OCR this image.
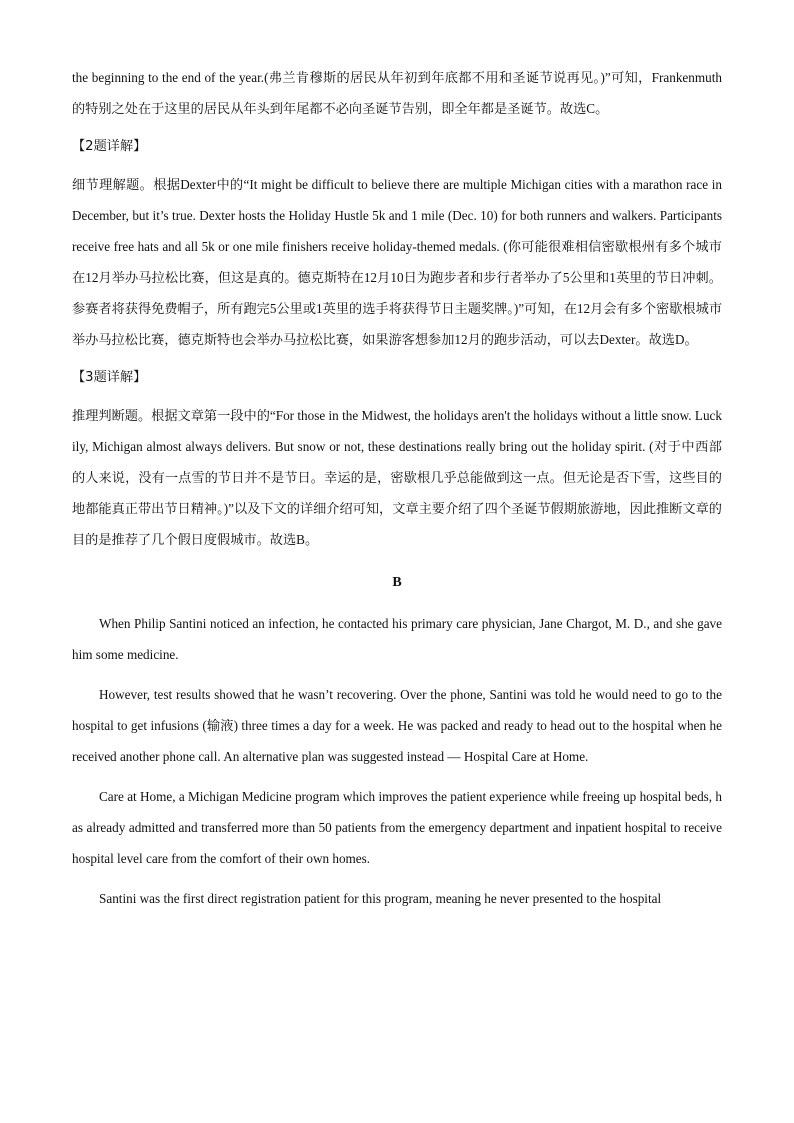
the beginning to the end of the year.(弗兰肯穆斯的居民从年初到年底都不用和圣诞节说再见。)”可知，Frankenmuth的特别之处在于这里的居民从年头到年尾都不必向圣诞节告别，即全年都是圣诞节。故选C。

【2题详解】

细节理解题。根据Dexter中的“It might be difficult to believe there are multiple Michigan cities with a marathon race in December, but it’s true. Dexter hosts the Holiday Hustle 5k and 1 mile (Dec. 10) for both runners and walkers. Participants receive free hats and all 5k or one mile finishers receive holiday-themed medals. (你可能很难相信密歇根州有多个城市在12月举办马拉松比赛，但这是真的。德克斯特在12月10日为跑步者和步行者举办了5公里和1英里的节日冲刺。参赛者将获得免费帽子，所有跑完5公里或1英里的选手将获得节日主题奖牌。)”可知，在12月会有多个密歇根城市举办马拉松比赛，德克斯特也会举办马拉松比赛，如果游客想参加12月的跑步活动，可以去Dexter。故选D。

【3题详解】

推理判断题。根据文章第一段中的“For those in the Midwest, the holidays aren't the holidays without a little snow. Luckily, Michigan almost always delivers. But snow or not, these destinations really bring out the holiday spirit. (对于中西部的人来说，没有一点雪的节日并不是节日。幸运的是，密歇根几乎总能做到这一点。但无论是否下雪，这些目的地都能真正带出节日精神。)”以及下文的详细介绍可知，文章主要介绍了四个圣诞节假期旅游地，因此推断文章的目的是推荐了几个假日度假城市。故选B。

B

When Philip Santini noticed an infection, he contacted his primary care physician, Jane Chargot, M. D., and she gave him some medicine.

However, test results showed that he wasn’t recovering. Over the phone, Santini was told he would need to go to the hospital to get infusions (输液) three times a day for a week. He was packed and ready to head out to the hospital when he received another phone call. An alternative plan was suggested instead — Hospital Care at Home.

Care at Home, a Michigan Medicine program which improves the patient experience while freeing up hospital beds, has already admitted and transferred more than 50 patients from the emergency department and inpatient hospital to receive hospital level care from the comfort of their own homes.

Santini was the first direct registration patient for this program, meaning he never presented to the hospital
